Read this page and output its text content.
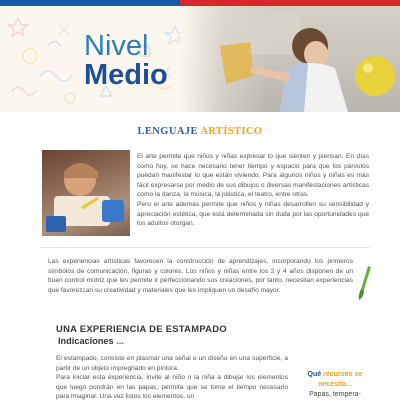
Nivel
Medio
LENGUAJE ARTÍSTICO

El arte permite que niños y niñas expresar lo que sienten y piensan. En días como hoy, se hace necesario tener tiempo y espacio para que los párvulos puedan manifestar lo que están viviendo. Para algunos niños y niñas es más fácil expresarse por medio de sus dibujos o diversas manifestaciones artísticas como la danza, la música, la plástica, el teatro, entre otras.

Pero el arte además permite que niños y niñas desarrollen su sensibilidad y apreciación estética, que está determinada sin duda por las oportunidades que los adultos otorgan.

Las experiencias artísticas favorecen la construcción de aprendizajes, incorporando los primeros símbolos de comunicación, figuras y colores. Los niños y niñas entre los 2 y 4 años disponen de un buen control motriz que les permite ir perfeccionando sus creaciones, por tanto, necesitan experiencias que favorezcan su creatividad y materiales que les impliquen un desafío mayor.
UNA EXPERIENCIA DE ESTAMPADO
Indicaciones ...

El estampado, consiste en plasmar una señal o un diseño en una superficie, a partir de un objeto impregnado en pintura.

Para iniciar esta experiencia, invite al niño o la niña a dibujar los elementos que luego pondrán en las papas, permita que se tome el tiempo necesario para imaginar. Una vez listos los elementos, un

Qué recursos se necesita...
Papas, tempera-
